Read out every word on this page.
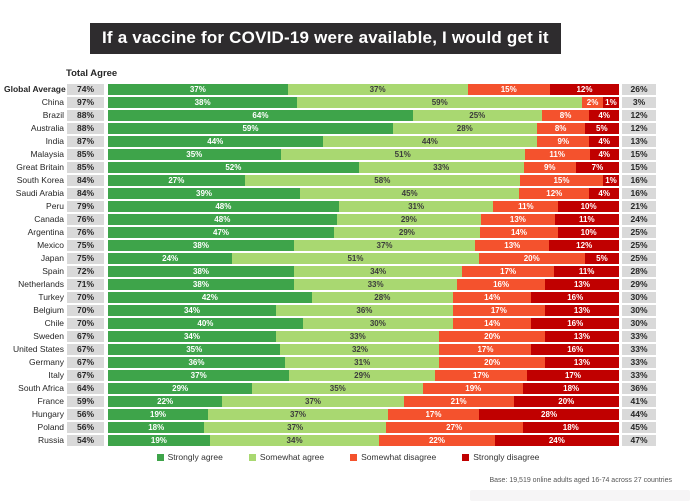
If a vaccine for COVID-19 were available, I would get it
Total Agree
Global Average	74%	37%	37%	15%	12%	26%
China	97%	38%	59%	2% 1%	3%
Brazil	88%	64%	25%	8%	4%	12%
Australia	88%	59%	28%	8%	5%	12%
India	87%	44%	44%	9%	4%	13%
Malaysia	85%	35%	51%	11%	4%	15%
Great Britain	85%	52%	33%	9%	7%	15%
South Korea	84%	27%	58%	15%	1%	16%
Saudi Arabia	84%	39%	45%	12%	4%	16%
Peru	79%	48%	31%	11%	10%	21%
Canada	76%	48%	29%	13%	11%	24%
Argentina	76%	47%	29%	14%	10%	25%
Mexico	75%	38%	37%	13%	12%	25%
Japan	75%	24%	51%	20%	5%	25%
Spain	72%	38%	34%	17%	11%	28%
Netherlands	71%	38%	33%	16%	13%	29%
Turkey	70%	42%	28%	14%	16%	30%
Belgium	70%	34%	36%	17%	13%	30%
Chile	70%	40%	30%	14%	16%	30%
Sweden	67%	34%	33%	20%	13%	33%
United States	67%	35%	32%	17%	16%	33%
Germany	67%	36%	31%	20%	13%	33%
Italy	67%	37%	29%	17%	17%	33%
South Africa	64%	29%	35%	19%	18%	36%
France	59%	22%	37%	21%	20%	41%
Hungary	56%	19%	37%	17%	28%	44%
Poland	56%	18%	37%	27%	18%	45%
Russia	54%	19%	34%	22%	24%	47%
Strongly agree	Somewhat agree	Somewhat disagree	Strongly disagree
Base: 19,519 online adults aged 16-74 across 27 countries
